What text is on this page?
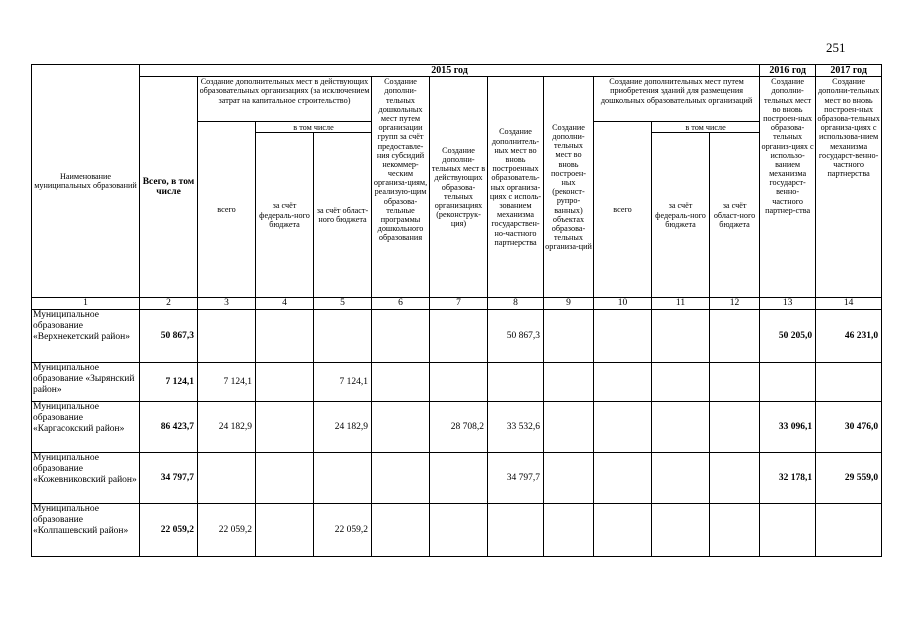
251
Наименование муниципальных образований	2015 год											2016 год	2017 год
	Всего, в том числе	Создание дополнительных мест в действующих образовательных организациях (за исключением затрат на капитальное строительство)			Создание дополни-тельных дошкольных мест путем организации групп за счёт предоставле-ния субсидий некоммер-ческим организа-циям, реализую-щим образова-тельные программы дошкольного образования	Создание дополни-тельных мест в действующих образова-тельных организациях (реконструк-ция)	Создание дополнитель-ных мест во вновь построенных образователь-ных организа-циях с исполь-зованием механизма государствен-но-частного партнерства	Создание дополни-тельных мест во вновь построен-ных (реконст-рупро-ванных) объектах образова-тельных организа-ций	Создание дополнительных мест путем приобретения зданий для размещения дошкольных образовательных организаций			Создание дополни-тельных мест во вновь построен-ных образова-тельных организ-циях с использо-ванием механизма государст-венно-частного партнер-ства	Создание дополни-тельных мест во вновь построен-ных образова-тельных организа-циях с использова-нием механизма государст-венно-частного партнерства
		всего	в том числе						всего	в том числе			
			за счёт федераль-ного бюджета	за счёт област-ного бюджета						за счёт федераль-ного бюджета	за счёт област-ного бюджета		
1	2	3	4	5	6	7	8	9	10	11	12	13	14
Муниципальное образование «Верхнекетский район»	50 867,3						50 867,3					50 205,0	46 231,0
Муниципальное образование «Зырянский район»	7 124,1	7 124,1		7 124,1									
Муниципальное образование «Каргасокский район»	86 423,7	24 182,9		24 182,9		28 708,2	33 532,6					33 096,1	30 476,0
Муниципальное образование «Кожевниковский район»	34 797,7						34 797,7					32 178,1	29 559,0
Муниципальное образование «Колпашевский район»	22 059,2	22 059,2		22 059,2									
